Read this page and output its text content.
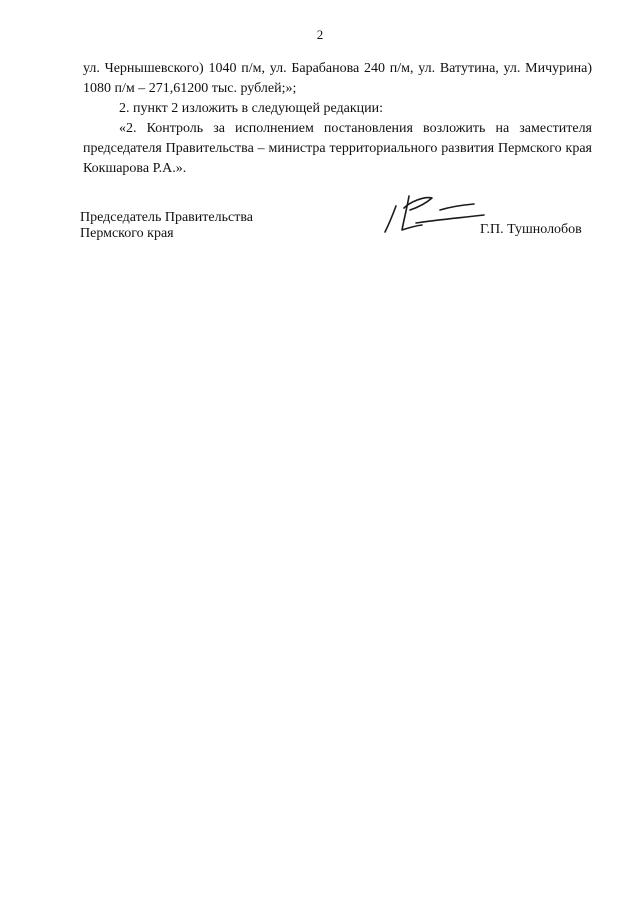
2

ул. Чернышевского) 1040 п/м, ул. Барабанова 240 п/м, ул. Ватутина, ул. Мичурина) 1080 п/м – 271,61200 тыс. рублей;»;

2. пункт 2 изложить в следующей редакции:

«2. Контроль за исполнением постановления возложить на заместителя председателя Правительства – министра территориального развития Пермского края Кокшарова Р.А.».

Председатель Правительства
Пермского края	Г.П. Тушнолобов
